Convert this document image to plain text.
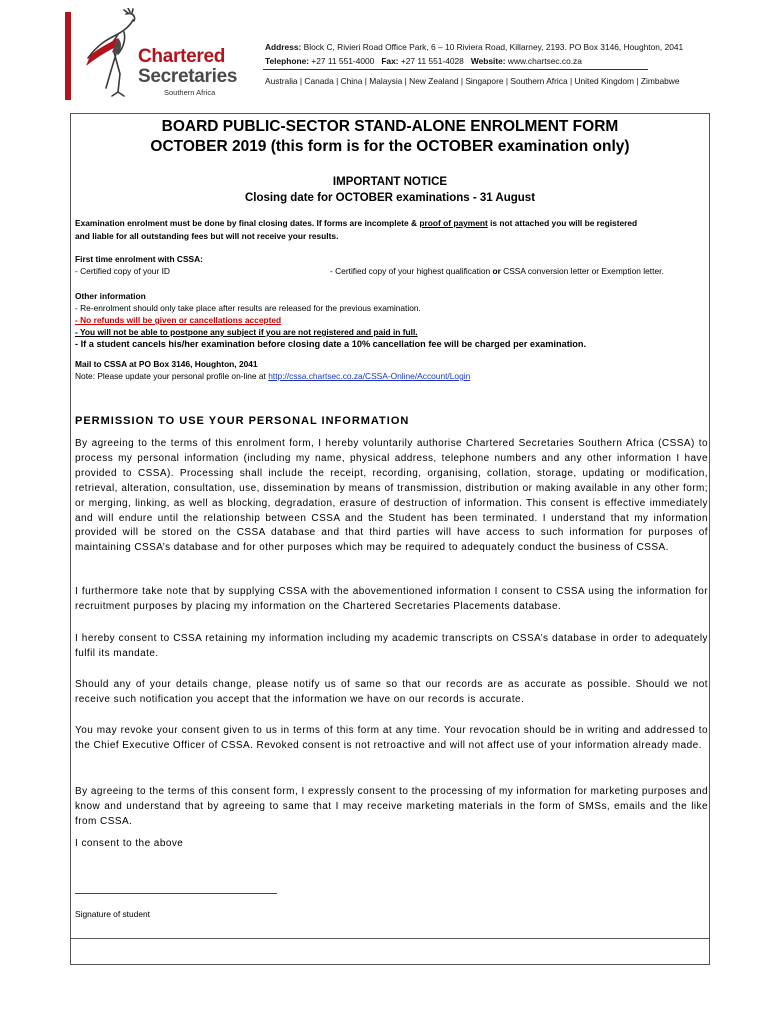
Chartered
Secretaries
Southern Africa
Address: Block C, Rivieri Road Office Park, 6 – 10 Riviera Road, Killarney, 2193. PO Box 3146, Houghton, 2041
Telephone: +27 11 551-4000 Fax: +27 11 551-4028 Website: www.chartsec.co.za
Australia | Canada | China | Malaysia | New Zealand | Singapore | Southern Africa | United Kingdom | Zimbabwe
BOARD PUBLIC-SECTOR STAND-ALONE ENROLMENT FORM
OCTOBER 2019 (this form is for the OCTOBER examination only)
IMPORTANT NOTICE
Closing date for OCTOBER examinations - 31 August
Examination enrolment must be done by final closing dates. If forms are incomplete & proof of payment is not attached you will be registered
and liable for all outstanding fees but will not receive your results.
First time enrolment with CSSA:
- Certified copy of your ID	- Certified copy of your highest qualification or CSSA conversion letter or Exemption letter.
Other information
- Re-enrolment should only take place after results are released for the previous examination.
- No refunds will be given or cancellations accepted
- You will not be able to postpone any subject if you are not registered and paid in full.
- If a student cancels his/her examination before closing date a 10% cancellation fee will be charged per examination.
Mail to CSSA at PO Box 3146, Houghton, 2041
Note: Please update your personal profile on-line at http://cssa.chartsec.co.za/CSSA-Online/Account/Login
PERMISSION TO USE YOUR PERSONAL INFORMATION
By agreeing to the terms of this enrolment form, I hereby voluntarily authorise Chartered Secretaries Southern Africa (CSSA) to process my personal information (including my name, physical address, telephone numbers and any other information I have provided to CSSA). Processing shall include the receipt, recording, organising, collation, storage, updating or modification, retrieval, alteration, consultation, use, dissemination by means of transmission, distribution or making available in any other form; or merging, linking, as well as blocking, degradation, erasure of destruction of information. This consent is effective immediately and will endure until the relationship between CSSA and the Student has been terminated. I understand that my information provided will be stored on the CSSA database and that third parties will have access to such information for purposes of maintaining CSSA’s database and for other purposes which may be required to adequately conduct the business of CSSA.
I furthermore take note that by supplying CSSA with the abovementioned information I consent to CSSA using the information for recruitment purposes by placing my information on the Chartered Secretaries Placements database.
I hereby consent to CSSA retaining my information including my academic transcripts on CSSA’s database in order to adequately fulfil its mandate.
Should any of your details change, please notify us of same so that our records are as accurate as possible. Should we not receive such notification you accept that the information we have on our records is accurate.
You may revoke your consent given to us in terms of this form at any time. Your revocation should be in writing and addressed to the Chief Executive Officer of CSSA. Revoked consent is not retroactive and will not affect use of your information already made.
By agreeing to the terms of this consent form, I expressly consent to the processing of my information for marketing purposes and know and understand that by agreeing to same that I may receive marketing materials in the form of SMSs, emails and the like from CSSA.
I consent to the above
Signature of student
